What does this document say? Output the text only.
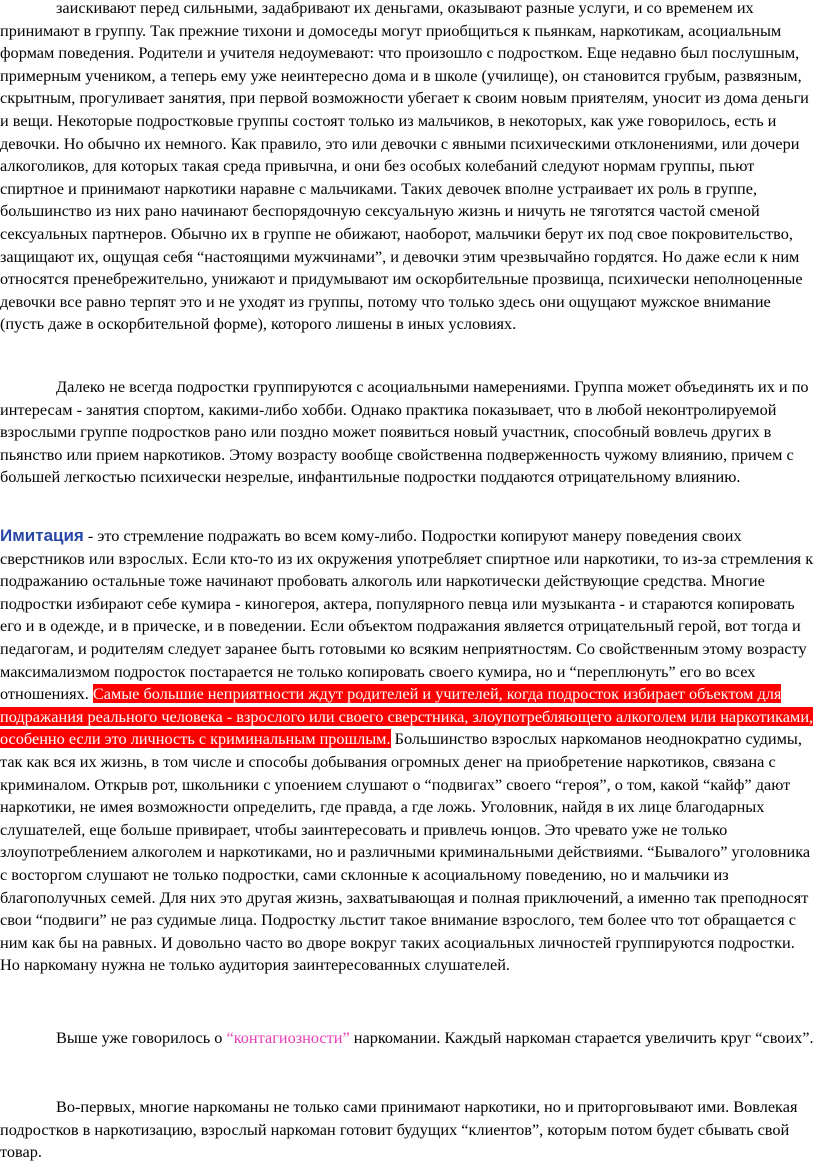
заискивают перед сильными, задабривают их деньгами, оказывают разные услуги, и со временем их принимают в группу. Так прежние тихони и домоседы могут приобщиться к пьянкам, наркотикам, асоциальным формам поведения. Родители и учителя недоумевают: что произошло с подростком. Еще недавно был послушным, примерным учеником, а теперь ему уже неинтересно дома и в школе (училище), он становится грубым, развязным, скрытным, прогуливает занятия, при первой возможности убегает к своим новым приятелям, уносит из дома деньги и вещи. Некоторые подростковые группы состоят только из мальчиков, в некоторых, как уже говорилось, есть и девочки. Но обычно их немного. Как правило, это или девочки с явными психическими отклонениями, или дочери алкоголиков, для которых такая среда привычна, и они без особых колебаний следуют нормам группы, пьют спиртное и принимают наркотики наравне с мальчиками. Таких девочек вполне устраивает их роль в группе, большинство из них рано начинают беспорядочную сексуальную жизнь и ничуть не тяготятся частой сменой сексуальных партнеров. Обычно их в группе не обижают, наоборот, мальчики берут их под свое покровительство, защищают их, ощущая себя “настоящими мужчинами”, и девочки этим чрезвычайно гордятся. Но даже если к ним относятся пренебрежительно, унижают и придумывают им оскорбительные прозвища, психически неполноценные девочки все равно терпят это и не уходят из группы, потому что только здесь они ощущают мужское внимание (пусть даже в оскорбительной форме), которого лишены в иных условиях.

Далеко не всегда подростки группируются с асоциальными намерениями. Группа может объединять их и по интересам - занятия спортом, какими-либо хобби. Однако практика показывает, что в любой неконтролируемой взрослыми группе подростков рано или поздно может появиться новый участник, способный вовлечь других в пьянство или прием наркотиков. Этому возрасту вообще свойственна подверженность чужому влиянию, причем с большей легкостью психически незрелые, инфантильные подростки поддаются отрицательному влиянию.

Имитация - это стремление подражать во всем кому-либо. Подростки копируют манеру поведения своих сверстников или взрослых. Если кто-то из их окружения употребляет спиртное или наркотики, то из-за стремления к подражанию остальные тоже начинают пробовать алкоголь или наркотически действующие средства. Многие подростки избирают себе кумира - киногероя, актера, популярного певца или музыканта - и стараются копировать его и в одежде, и в прическе, и в поведении. Если объектом подражания является отрицательный герой, вот тогда и педагогам, и родителям следует заранее быть готовыми ко всяким неприятностям. Со свойственным этому возрасту максимализмом подросток постарается не только копировать своего кумира, но и “переплюнуть” его во всех отношениях. Самые большие неприятности ждут родителей и учителей, когда подросток избирает объектом для подражания реального человека - взрослого или своего сверстника, злоупотребляющего алкоголем или наркотиками, особенно если это личность с криминальным прошлым. Большинство взрослых наркоманов неоднократно судимы, так как вся их жизнь, в том числе и способы добывания огромных денег на приобретение наркотиков, связана с криминалом. Открыв рот, школьники с упоением слушают о “подвигах” своего “героя”, о том, какой “кайф” дают наркотики, не имея возможности определить, где правда, а где ложь. Уголовник, найдя в их лице благодарных слушателей, еще больше привирает, чтобы заинтересовать и привлечь юнцов. Это чревато уже не только злоупотреблением алкоголем и наркотиками, но и различными криминальными действиями. “Бывалого” уголовника с восторгом слушают не только подростки, сами склонные к асоциальному поведению, но и мальчики из благополучных семей. Для них это другая жизнь, захватывающая и полная приключений, а именно так преподносят свои “подвиги” не раз судимые лица. Подростку льстит такое внимание взрослого, тем более что тот обращается с ним как бы на равных. И довольно часто во дворе вокруг таких асоциальных личностей группируются подростки. Но наркоману нужна не только аудитория заинтересованных слушателей.

Выше уже говорилось о “контагиозности” наркомании. Каждый наркоман старается увеличить круг “своих”.

Во-первых, многие наркоманы не только сами принимают наркотики, но и приторговывают ими. Вовлекая подростков в наркотизацию, взрослый наркоман готовит будущих “клиентов”, которым потом будет сбывать свой товар.
